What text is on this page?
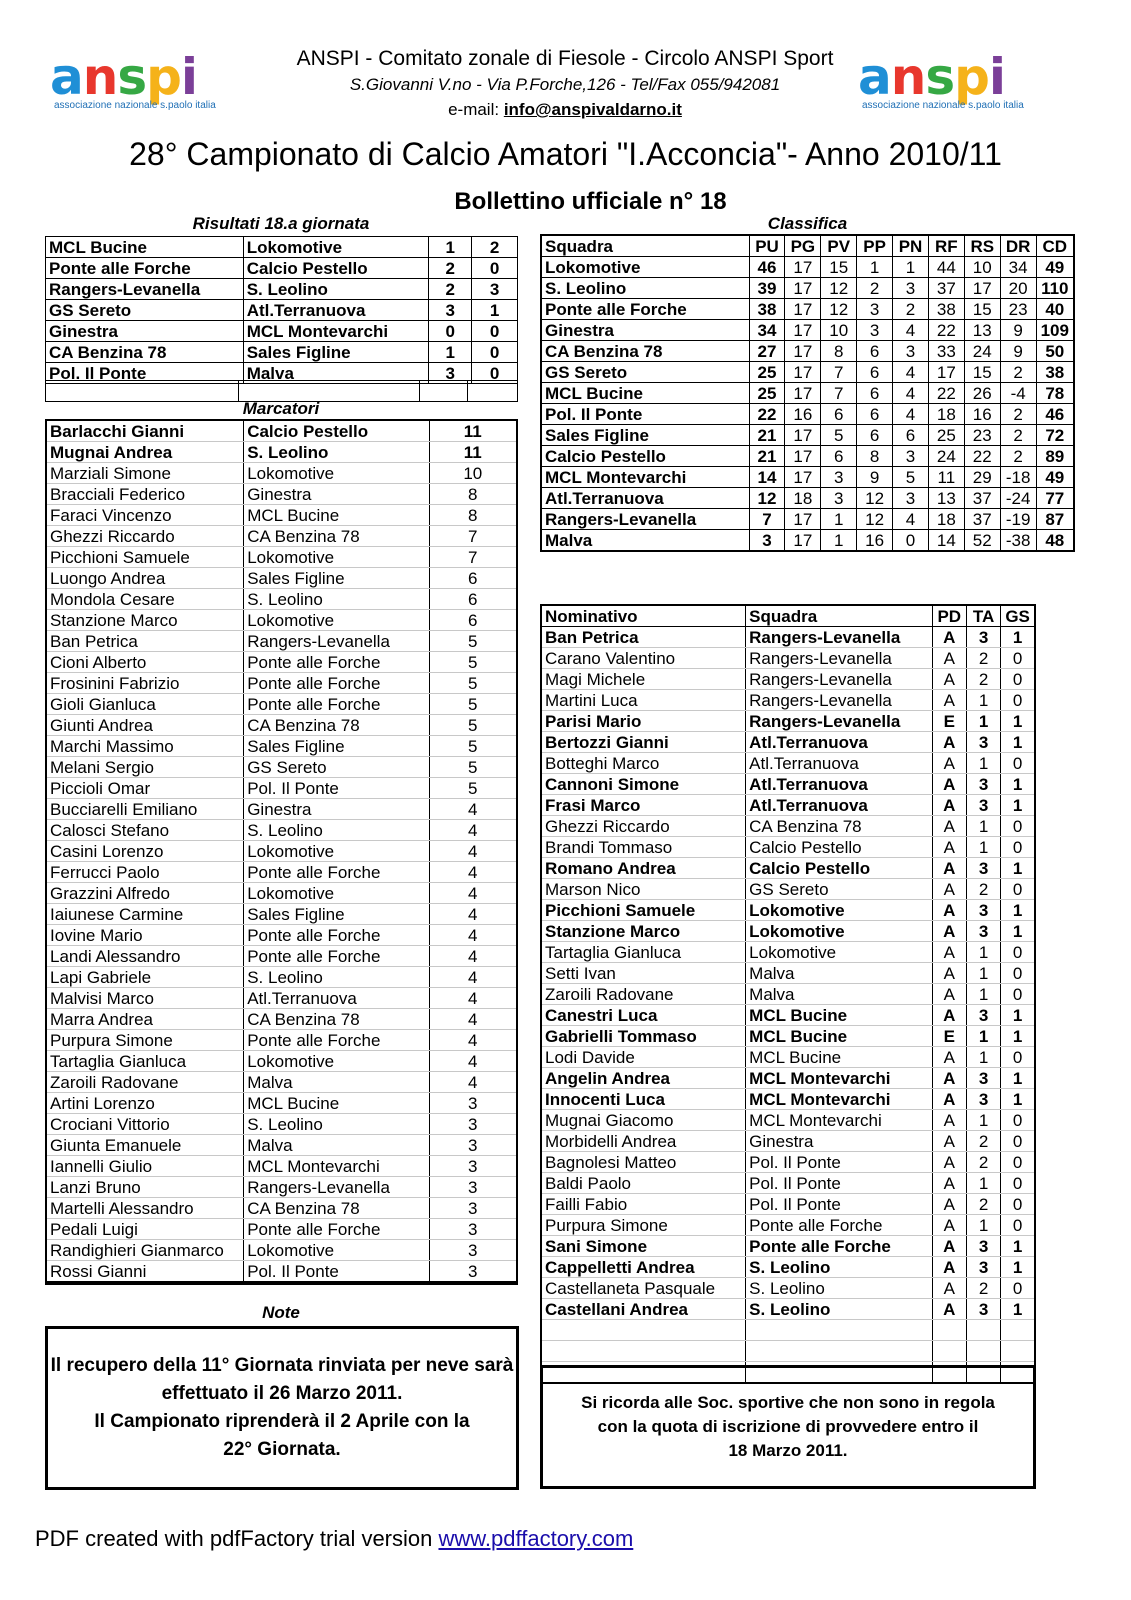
anspi
associazione nazionale s.paolo italia	anspi
associazione nazionale s.paolo italia
ANSPI - Comitato zonale di Fiesole - Circolo ANSPI Sport
S.Giovanni V.no - Via P.Forche,126 - Tel/Fax 055/942081
e-mail: info@anspivaldarno.it
28° Campionato di Calcio Amatori "I.Acconcia"- Anno 2010/11
Bollettino ufficiale n° 18
Risultati 18.a giornata
MCL Bucine	Lokomotive	1	2
Ponte alle Forche	Calcio Pestello	2	0
Rangers-Levanella	S. Leolino	2	3
GS Sereto	Atl.Terranuova	3	1
Ginestra	MCL Montevarchi	0	0
CA Benzina 78	Sales Figline	1	0
Pol. Il Ponte	Malva	3	0

Marcatori
Barlacchi Gianni	Calcio Pestello	11
Mugnai Andrea	S. Leolino	11
Marziali Simone	Lokomotive	10
Bracciali Federico	Ginestra	8
Faraci Vincenzo	MCL Bucine	8
Ghezzi Riccardo	CA Benzina 78	7
Picchioni Samuele	Lokomotive	7
Luongo Andrea	Sales Figline	6
Mondola Cesare	S. Leolino	6
Stanzione Marco	Lokomotive	6
Ban Petrica	Rangers-Levanella	5
Cioni Alberto	Ponte alle Forche	5
Frosinini Fabrizio	Ponte alle Forche	5
Gioli Gianluca	Ponte alle Forche	5
Giunti Andrea	CA Benzina 78	5
Marchi Massimo	Sales Figline	5
Melani Sergio	GS Sereto	5
Piccioli Omar	Pol. Il Ponte	5
Bucciarelli Emiliano	Ginestra	4
Calosci Stefano	S. Leolino	4
Casini Lorenzo	Lokomotive	4
Ferrucci Paolo	Ponte alle Forche	4
Grazzini Alfredo	Lokomotive	4
Iaiunese Carmine	Sales Figline	4
Iovine Mario	Ponte alle Forche	4
Landi Alessandro	Ponte alle Forche	4
Lapi Gabriele	S. Leolino	4
Malvisi Marco	Atl.Terranuova	4
Marra Andrea	CA Benzina 78	4
Purpura Simone	Ponte alle Forche	4
Tartaglia Gianluca	Lokomotive	4
Zaroili Radovane	Malva	4
Artini Lorenzo	MCL Bucine	3
Crociani Vittorio	S. Leolino	3
Giunta Emanuele	Malva	3
Iannelli Giulio	MCL Montevarchi	3
Lanzi Bruno	Rangers-Levanella	3
Martelli Alessandro	CA Benzina 78	3
Pedali Luigi	Ponte alle Forche	3
Randighieri Gianmarco	Lokomotive	3
Rossi Gianni	Pol. Il Ponte	3
Note
Il recupero della 11° Giornata rinviata per neve sarà
effettuato il 26 Marzo 2011.
Il Campionato riprenderà il 2 Aprile con la
22° Giornata.
Classifica
Squadra	PU	PG	PV	PP	PN	RF	RS	DR	CD
Lokomotive	46	17	15	1	1	44	10	34	49
S. Leolino	39	17	12	2	3	37	17	20	110
Ponte alle Forche	38	17	12	3	2	38	15	23	40
Ginestra	34	17	10	3	4	22	13	9	109
CA Benzina 78	27	17	8	6	3	33	24	9	50
GS Sereto	25	17	7	6	4	17	15	2	38
MCL Bucine	25	17	7	6	4	22	26	-4	78
Pol. Il Ponte	22	16	6	6	4	18	16	2	46
Sales Figline	21	17	5	6	6	25	23	2	72
Calcio Pestello	21	17	6	8	3	24	22	2	89
MCL Montevarchi	14	17	3	9	5	11	29	-18	49
Atl.Terranuova	12	18	3	12	3	13	37	-24	77
Rangers-Levanella	7	17	1	12	4	18	37	-19	87
Malva	3	17	1	16	0	14	52	-38	48
Nominativo	Squadra	PD	TA	GS
Ban Petrica	Rangers-Levanella	A	3	1
Carano Valentino	Rangers-Levanella	A	2	0
Magi Michele	Rangers-Levanella	A	2	0
Martini Luca	Rangers-Levanella	A	1	0
Parisi Mario	Rangers-Levanella	E	1	1
Bertozzi Gianni	Atl.Terranuova	A	3	1
Botteghi Marco	Atl.Terranuova	A	1	0
Cannoni Simone	Atl.Terranuova	A	3	1
Frasi Marco	Atl.Terranuova	A	3	1
Ghezzi Riccardo	CA Benzina 78	A	1	0
Brandi Tommaso	Calcio Pestello	A	1	0
Romano Andrea	Calcio Pestello	A	3	1
Marson Nico	GS Sereto	A	2	0
Picchioni Samuele	Lokomotive	A	3	1
Stanzione Marco	Lokomotive	A	3	1
Tartaglia Gianluca	Lokomotive	A	1	0
Setti Ivan	Malva	A	1	0
Zaroili Radovane	Malva	A	1	0
Canestri Luca	MCL Bucine	A	3	1
Gabrielli Tommaso	MCL Bucine	E	1	1
Lodi Davide	MCL Bucine	A	1	0
Angelin Andrea	MCL Montevarchi	A	3	1
Innocenti Luca	MCL Montevarchi	A	3	1
Mugnai Giacomo	MCL Montevarchi	A	1	0
Morbidelli Andrea	Ginestra	A	2	0
Bagnolesi Matteo	Pol. Il Ponte	A	2	0
Baldi Paolo	Pol. Il Ponte	A	1	0
Failli Fabio	Pol. Il Ponte	A	2	0
Purpura Simone	Ponte alle Forche	A	1	0
Sani Simone	Ponte alle Forche	A	3	1
Cappelletti Andrea	S. Leolino	A	3	1
Castellaneta Pasquale	S. Leolino	A	2	0
Castellani Andrea	S. Leolino	A	3	1

Si ricorda alle Soc. sportive che non sono in regola
con la quota di iscrizione di provvedere entro il
18 Marzo 2011.
PDF created with pdfFactory trial version www.pdffactory.com
